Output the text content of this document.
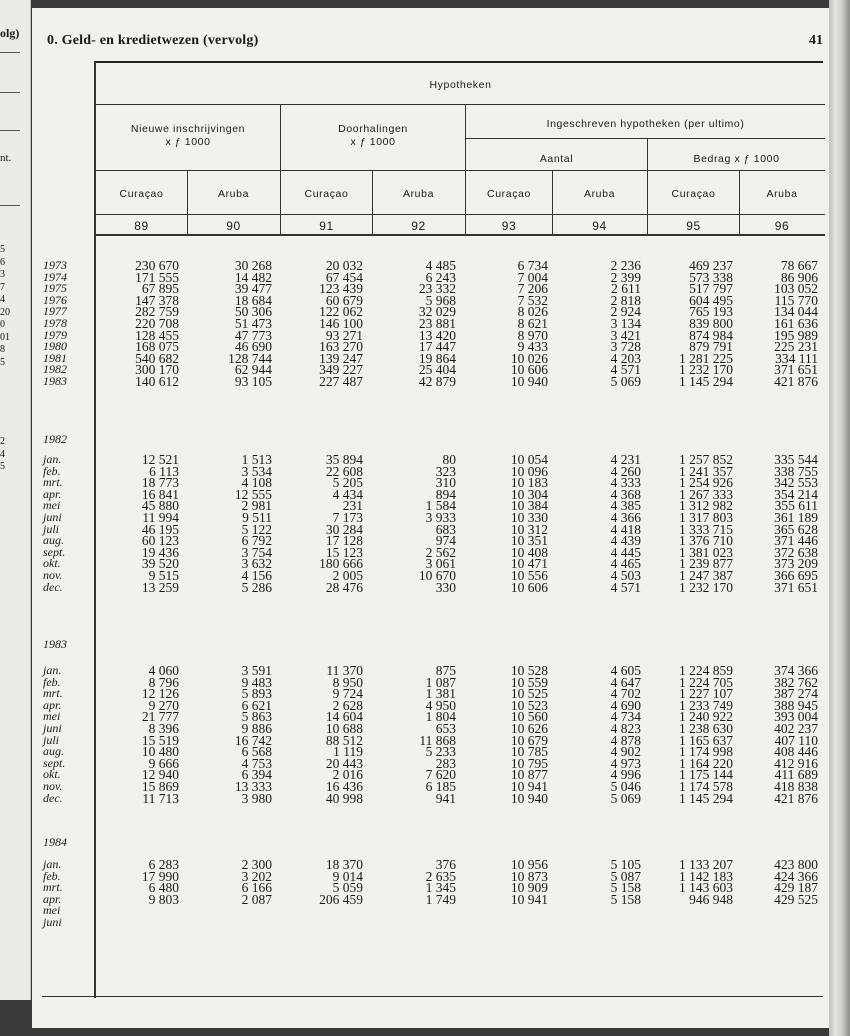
olg)
nt.
5
6
3
7
4
20
0
01
8
5
2
4
5
0. Geld- en kredietwezen (vervolg)	41
Hypotheken
Nieuwe inschrijvingen
x ƒ 1000
Doorhalingen
x ƒ 1000
Ingeschreven hypotheken (per ultimo)
Aantal	Bedrag x ƒ 1000
Curaçao
89
Aruba
90
Curaçao
91
Aruba
92
Curaçao
93
Aruba
94
Curaçao
95
Aruba
96
1973
1974
1975
1976
1977
1978
1979
1980
1981
1982
1983
1982
jan.
feb.
mrt.
apr.
mei
juni
juli
aug.
sept.
okt.
nov.
dec.
1983
jan.
feb.
mrt.
apr.
mei
juni
juli
aug.
sept.
okt.
nov.
dec.
1984
jan.
feb.
mrt.
apr.
mei
juni
230 670
171 555
67 895
147 378
282 759
220 708
128 455
168 075
540 682
300 170
140 612
30 268
14 482
39 477
18 684
50 306
51 473
47 773
46 690
128 744
62 944
93 105
20 032
67 454
123 439
60 679
122 062
146 100
93 271
163 270
139 247
349 227
227 487
4 485
6 243
23 332
5 968
32 029
23 881
13 420
17 447
19 864
25 404
42 879
6 734
7 004
7 206
7 532
8 026
8 621
8 970
9 433
10 026
10 606
10 940
2 236
2 399
2 611
2 818
2 924
3 134
3 421
3 728
4 203
4 571
5 069
469 237
573 338
517 797
604 495
765 193
839 800
874 984
879 791
1 281 225
1 232 170
1 145 294
78 667
86 906
103 052
115 770
134 044
161 636
195 989
225 231
334 111
371 651
421 876
12 521
6 113
18 773
16 841
45 880
11 994
46 195
60 123
19 436
39 520
9 515
13 259
1 513
3 534
4 108
12 555
2 981
9 511
5 122
6 792
3 754
3 632
4 156
5 286
35 894
22 608
5 205
4 434
231
7 173
30 284
17 128
15 123
180 666
2 005
28 476
80
323
310
894
1 584
3 933
683
974
2 562
3 061
10 670
330
10 054
10 096
10 183
10 304
10 384
10 330
10 312
10 351
10 408
10 471
10 556
10 606
4 231
4 260
4 333
4 368
4 385
4 366
4 418
4 439
4 445
4 465
4 503
4 571
1 257 852
1 241 357
1 254 926
1 267 333
1 312 982
1 317 803
1 333 715
1 376 710
1 381 023
1 239 877
1 247 387
1 232 170
335 544
338 755
342 553
354 214
355 611
361 189
365 628
371 446
372 638
373 209
366 695
371 651
4 060
8 796
12 126
9 270
21 777
8 396
15 519
10 480
9 666
12 940
15 869
11 713
3 591
9 483
5 893
6 621
5 863
9 886
16 742
6 568
4 753
6 394
13 333
3 980
11 370
8 950
9 724
2 628
14 604
10 688
88 512
1 119
20 443
2 016
16 436
40 998
875
1 087
1 381
4 950
1 804
653
11 868
5 233
283
7 620
6 185
941
10 528
10 559
10 525
10 523
10 560
10 626
10 679
10 785
10 795
10 877
10 941
10 940
4 605
4 647
4 702
4 690
4 734
4 823
4 878
4 902
4 973
4 996
5 046
5 069
1 224 859
1 224 705
1 227 107
1 233 749
1 240 922
1 238 630
1 165 637
1 174 998
1 164 220
1 175 144
1 174 578
1 145 294
374 366
382 762
387 274
388 945
393 004
402 237
407 110
408 446
412 916
411 689
418 838
421 876
6 283
17 990
6 480
9 803
2 300
3 202
6 166
2 087
18 370
9 014
5 059
206 459
376
2 635
1 345
1 749
10 956
10 873
10 909
10 941
5 105
5 087
5 158
5 158
1 133 207
1 142 183
1 143 603
946 948
423 800
424 366
429 187
429 525
